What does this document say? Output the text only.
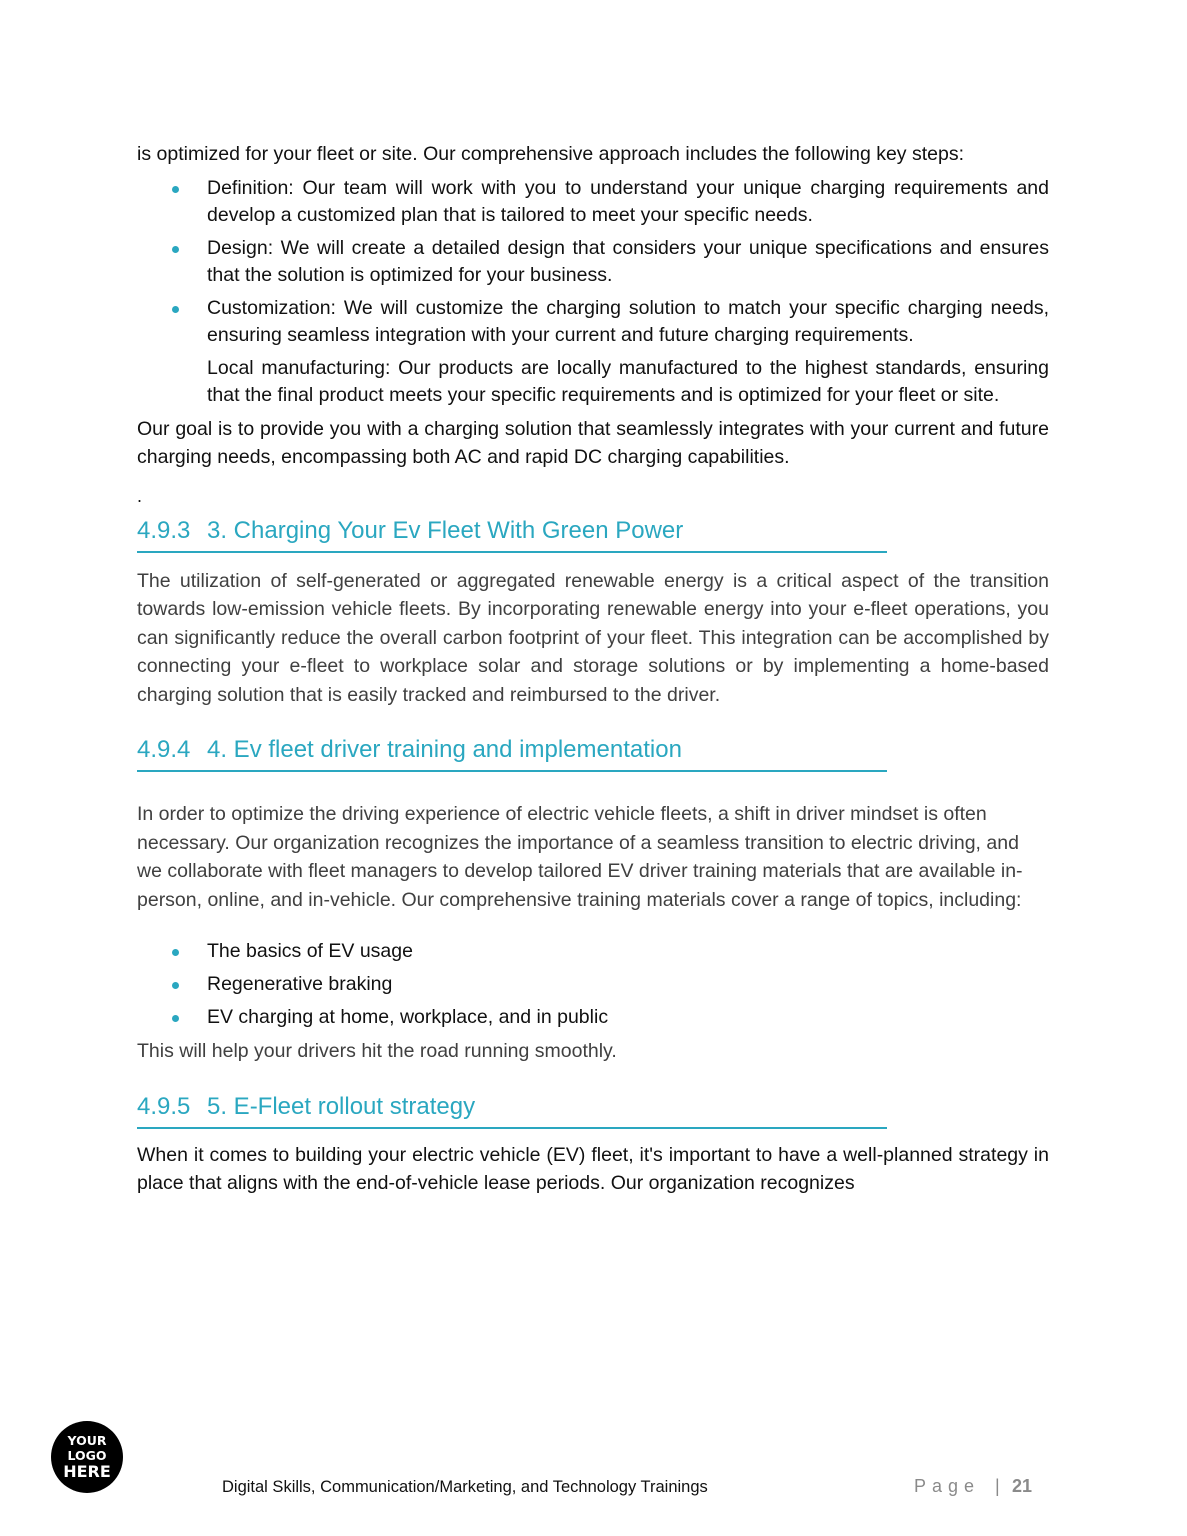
is optimized for your fleet or site. Our comprehensive approach includes the following key steps:

Definition: Our team will work with you to understand your unique charging requirements and develop a customized plan that is tailored to meet your specific needs.
Design: We will create a detailed design that considers your unique specifications and ensures that the solution is optimized for your business.
Customization: We will customize the charging solution to match your specific charging needs, ensuring seamless integration with your current and future charging requirements.
Local manufacturing: Our products are locally manufactured to the highest standards, ensuring that the final product meets your specific requirements and is optimized for your fleet or site.

Our goal is to provide you with a charging solution that seamlessly integrates with your current and future charging needs, encompassing both AC and rapid DC charging capabilities.

.
4.9.3 3. Charging Your Ev Fleet With Green Power

The utilization of self-generated or aggregated renewable energy is a critical aspect of the transition towards low-emission vehicle fleets. By incorporating renewable energy into your e-fleet operations, you can significantly reduce the overall carbon footprint of your fleet. This integration can be accomplished by connecting your e-fleet to workplace solar and storage solutions or by implementing a home-based charging solution that is easily tracked and reimbursed to the driver.

4.9.4 4. Ev fleet driver training and implementation

In order to optimize the driving experience of electric vehicle fleets, a shift in driver mindset is often necessary. Our organization recognizes the importance of a seamless transition to electric driving, and we collaborate with fleet managers to develop tailored EV driver training materials that are available in-person, online, and in-vehicle. Our comprehensive training materials cover a range of topics, including:

The basics of EV usage
Regenerative braking
EV charging at home, workplace, and in public

This will help your drivers hit the road running smoothly.

4.9.5 5. E-Fleet rollout strategy

When it comes to building your electric vehicle (EV) fleet, it's important to have a well-planned strategy in place that aligns with the end-of-vehicle lease periods. Our organization recognizes

YOUR
LOGO
HERE
Digital Skills, Communication/Marketing, and Technology Trainings	Page | 21
